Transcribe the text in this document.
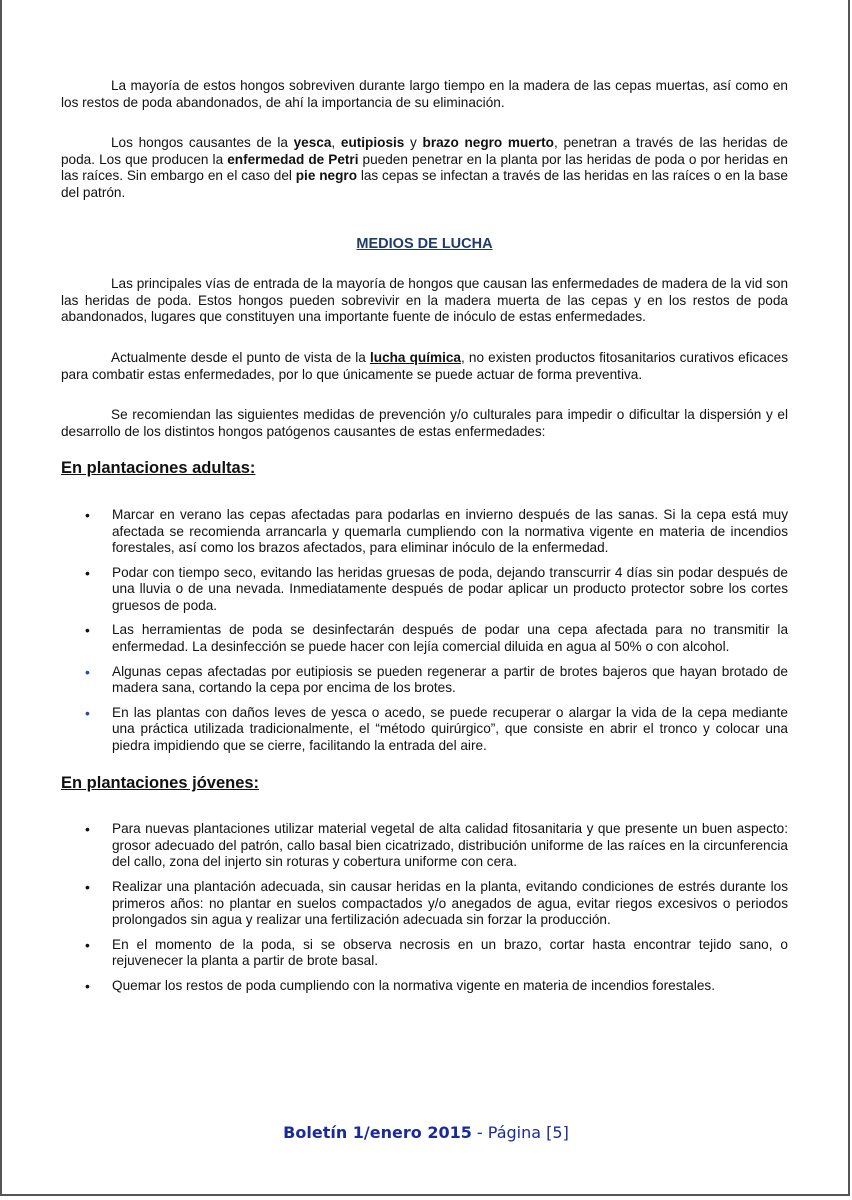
La mayoría de estos hongos sobreviven durante largo tiempo en la madera de las cepas muertas, así como en los restos de poda abandonados, de ahí la importancia de su eliminación.

Los hongos causantes de la yesca, eutipiosis y brazo negro muerto, penetran a través de las heridas de poda. Los que producen la enfermedad de Petri pueden penetrar en la planta por las heridas de poda o por heridas en las raíces. Sin embargo en el caso del pie negro las cepas se infectan a través de las heridas en las raíces o en la base del patrón.

MEDIOS DE LUCHA

Las principales vías de entrada de la mayoría de hongos que causan las enfermedades de madera de la vid son las heridas de poda. Estos hongos pueden sobrevivir en la madera muerta de las cepas y en los restos de poda abandonados, lugares que constituyen una importante fuente de inóculo de estas enfermedades.

Actualmente desde el punto de vista de la lucha química, no existen productos fitosanitarios curativos eficaces para combatir estas enfermedades, por lo que únicamente se puede actuar de forma preventiva.

Se recomiendan las siguientes medidas de prevención y/o culturales para impedir o dificultar la dispersión y el desarrollo de los distintos hongos patógenos causantes de estas enfermedades:

En plantaciones adultas:
• Marcar en verano las cepas afectadas para podarlas en invierno después de las sanas. Si la cepa está muy afectada se recomienda arrancarla y quemarla cumpliendo con la normativa vigente en materia de incendios forestales, así como los brazos afectados, para eliminar inóculo de la enfermedad.
• Podar con tiempo seco, evitando las heridas gruesas de poda, dejando transcurrir 4 días sin podar después de una lluvia o de una nevada. Inmediatamente después de podar aplicar un producto protector sobre los cortes gruesos de poda.
• Las herramientas de poda se desinfectarán después de podar una cepa afectada para no transmitir la enfermedad. La desinfección se puede hacer con lejía comercial diluida en agua al 50% o con alcohol.
• Algunas cepas afectadas por eutipiosis se pueden regenerar a partir de brotes bajeros que hayan brotado de madera sana, cortando la cepa por encima de los brotes.
• En las plantas con daños leves de yesca o acedo, se puede recuperar o alargar la vida de la cepa mediante una práctica utilizada tradicionalmente, el “método quirúrgico”, que consiste en abrir el tronco y colocar una piedra impidiendo que se cierre, facilitando la entrada del aire.
En plantaciones jóvenes:
• Para nuevas plantaciones utilizar material vegetal de alta calidad fitosanitaria y que presente un buen aspecto: grosor adecuado del patrón, callo basal bien cicatrizado, distribución uniforme de las raíces en la circunferencia del callo, zona del injerto sin roturas y cobertura uniforme con cera.
• Realizar una plantación adecuada, sin causar heridas en la planta, evitando condiciones de estrés durante los primeros años: no plantar en suelos compactados y/o anegados de agua, evitar riegos excesivos o periodos prolongados sin agua y realizar una fertilización adecuada sin forzar la producción.
• En el momento de la poda, si se observa necrosis en un brazo, cortar hasta encontrar tejido sano, o rejuvenecer la planta a partir de brote basal.
• Quemar los restos de poda cumpliendo con la normativa vigente en materia de incendios forestales.
Boletín 1/enero 2015 - Página [5]
